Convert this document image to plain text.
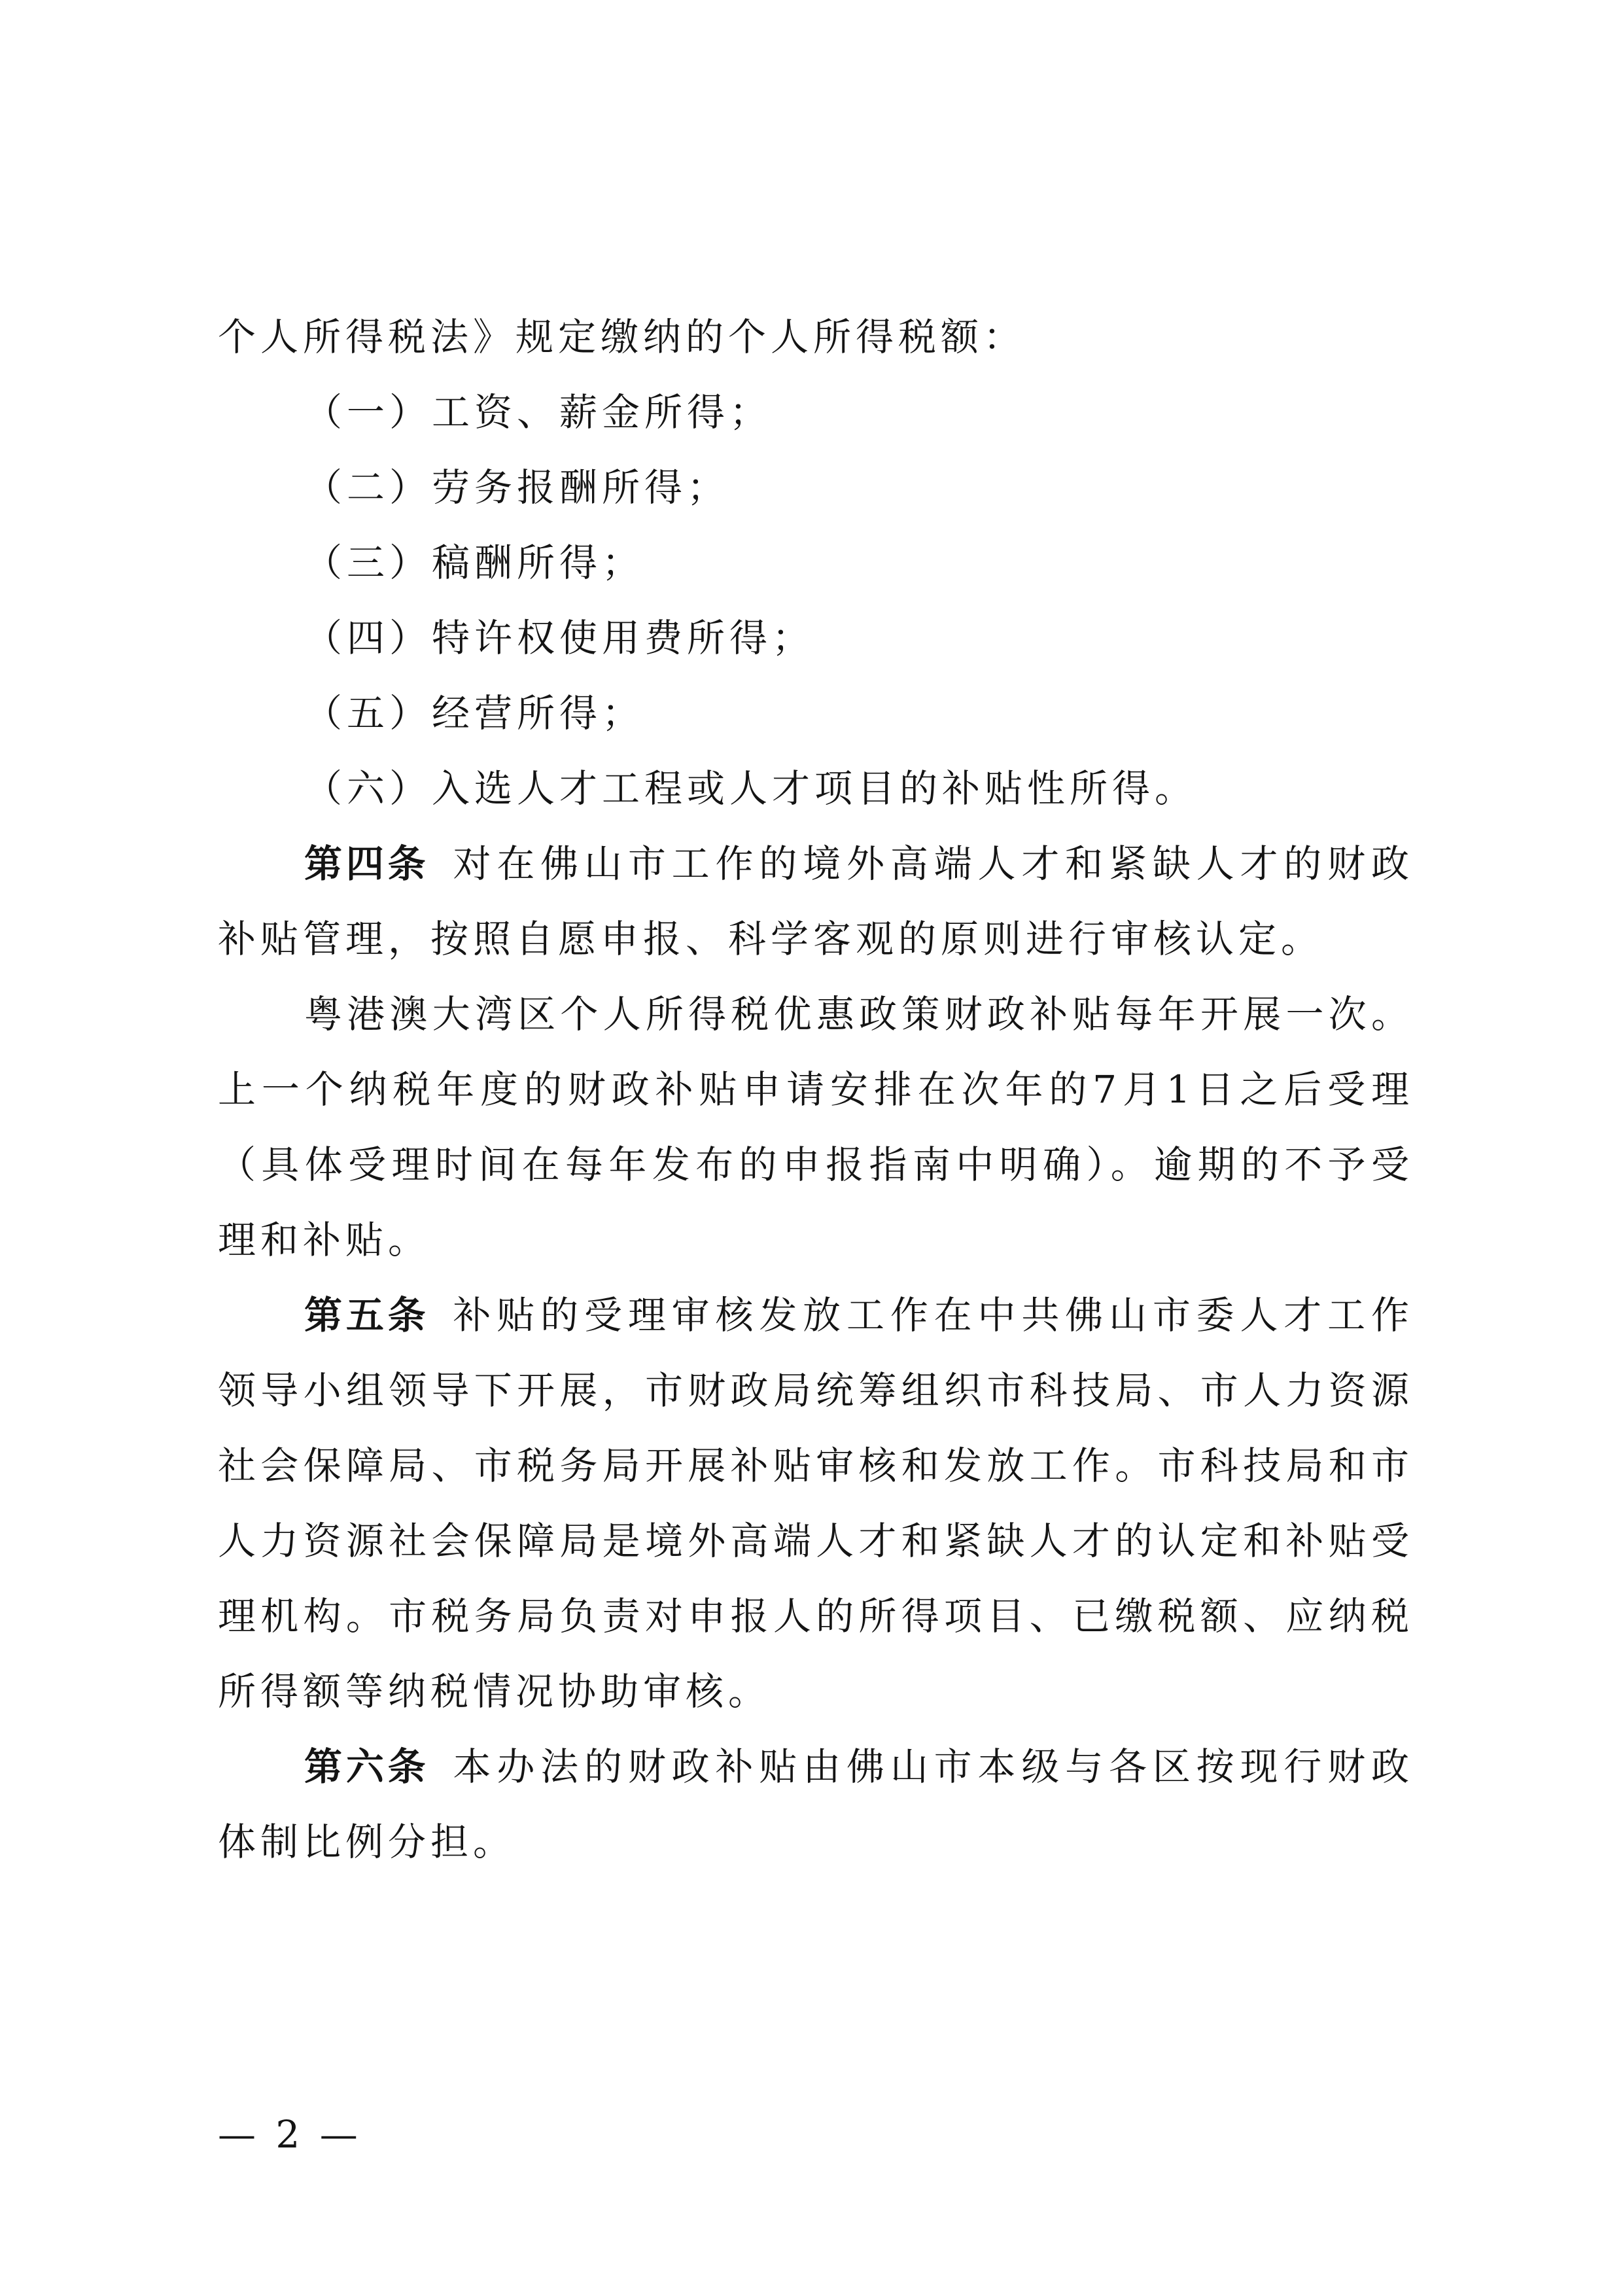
个人所得税法》规定缴纳的个人所得税额：

（一）工资、薪金所得；

（二）劳务报酬所得；

（三）稿酬所得；

（四）特许权使用费所得；

（五）经营所得；

（六）入选人才工程或人才项目的补贴性所得。

第四条 对在佛山市工作的境外高端人才和紧缺人才的财政补贴管理，按照自愿申报、科学客观的原则进行审核认定。

粤港澳大湾区个人所得税优惠政策财政补贴每年开展一次。上一个纳税年度的财政补贴申请安排在次年的7月1日之后受理（具体受理时间在每年发布的申报指南中明确）。逾期的不予受理和补贴。

第五条 补贴的受理审核发放工作在中共佛山市委人才工作领导小组领导下开展，市财政局统筹组织市科技局、市人力资源社会保障局、市税务局开展补贴审核和发放工作。市科技局和市人力资源社会保障局是境外高端人才和紧缺人才的认定和补贴受理机构。市税务局负责对申报人的所得项目、已缴税额、应纳税所得额等纳税情况协助审核。

第六条 本办法的财政补贴由佛山市本级与各区按现行财政体制比例分担。

— 2 —
